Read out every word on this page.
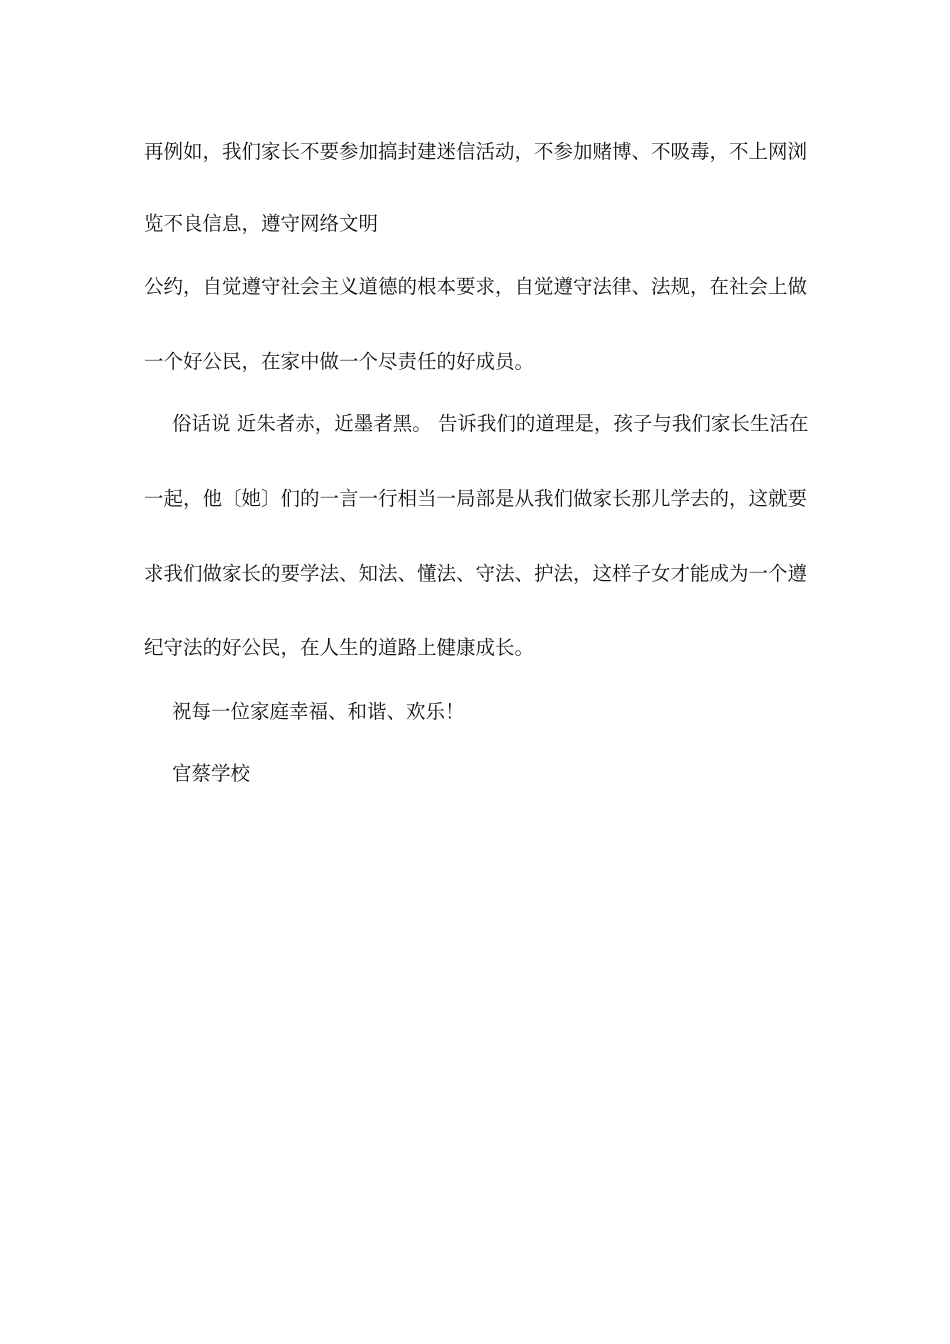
再例如，我们家长不要参加搞封建迷信活动，不参加赌博、不吸毒，不上网浏
览不良信息，遵守网络文明
公约，自觉遵守社会主义道德的根本要求，自觉遵守法律、法规，在社会上做
一个好公民，在家中做一个尽责任的好成员。
俗话说 近朱者赤，近墨者黑。 告诉我们的道理是，孩子与我们家长生活在
一起，他〔她〕们的一言一行相当一局部是从我们做家长那儿学去的，这就要
求我们做家长的要学法、知法、懂法、守法、护法，这样子女才能成为一个遵
纪守法的好公民，在人生的道路上健康成长。
祝每一位家庭幸福、和谐、欢乐！
官蔡学校
